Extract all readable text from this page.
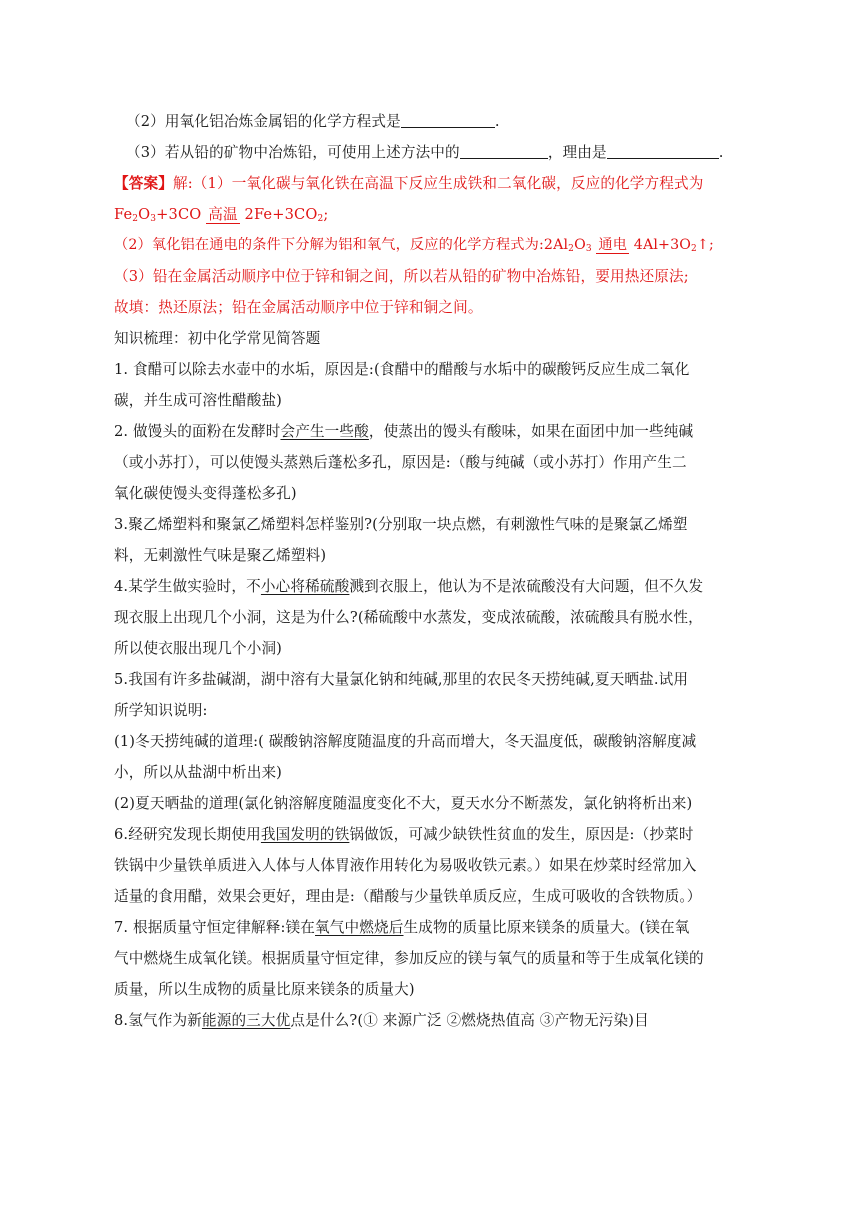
（2）用氧化铝冶炼金属铝的化学方程式是	.
（3）若从铅的矿物中冶炼铅，可使用上述方法中的	，理由是	.
【答案】解:（1）一氧化碳与氧化铁在高温下反应生成铁和二氧化碳，反应的化学方程式为
$Fe_2O_3+3CO$ 高温 $2Fe+3CO_2$;
（2）氧化铝在通电的条件下分解为铝和氧气，反应的化学方程式为$:2Al_2O_3$ 通电 $4Al+3O_2↑$;
（3）铅在金属活动顺序中位于锌和铜之间，所以若从铅的矿物中冶炼铅，要用热还原法;
故填：热还原法；铅在金属活动顺序中位于锌和铜之间。
知识梳理：初中化学常见简答题
1. 食醋可以除去水壶中的水垢，原因是:(食醋中的醋酸与水垢中的碳酸钙反应生成二氧化
碳，并生成可溶性醋酸盐)
2. 做馒头的面粉在发酵时会产生一些酸，使蒸出的馒头有酸味，如果在面团中加一些纯碱
（或小苏打），可以使馒头蒸熟后蓬松多孔，原因是:（酸与纯碱（或小苏打）作用产生二
氧化碳使馒头变得蓬松多孔)
3.聚乙烯塑料和聚氯乙烯塑料怎样鉴别?(分别取一块点燃，有刺激性气味的是聚氯乙烯塑
料，无刺激性气味是聚乙烯塑料)
4.某学生做实验时，不小心将稀硫酸溅到衣服上，他认为不是浓硫酸没有大问题，但不久发
现衣服上出现几个小洞，这是为什么?(稀硫酸中水蒸发，变成浓硫酸，浓硫酸具有脱水性，
所以使衣服出现几个小洞)
5.我国有许多盐碱湖，湖中溶有大量氯化钠和纯碱,那里的农民冬天捞纯碱,夏天晒盐.试用
所学知识说明:
(1)冬天捞纯碱的道理:( 碳酸钠溶解度随温度的升高而增大，冬天温度低，碳酸钠溶解度减
小，所以从盐湖中析出来)
(2)夏天晒盐的道理(氯化钠溶解度随温度变化不大，夏天水分不断蒸发，氯化钠将析出来)
6.经研究发现长期使用我国发明的铁锅做饭，可减少缺铁性贫血的发生，原因是:（抄菜时
铁锅中少量铁单质进入人体与人体胃液作用转化为易吸收铁元素。）如果在炒菜时经常加入
适量的食用醋，效果会更好，理由是:（醋酸与少量铁单质反应，生成可吸收的含铁物质。）
7. 根据质量守恒定律解释:镁在氧气中燃烧后生成物的质量比原来镁条的质量大。(镁在氧
气中燃烧生成氧化镁。根据质量守恒定律，参加反应的镁与氧气的质量和等于生成氧化镁的
质量，所以生成物的质量比原来镁条的质量大)
8.氢气作为新能源的三大优点是什么?(① 来源广泛 ②燃烧热值高 ③产物无污染)目
